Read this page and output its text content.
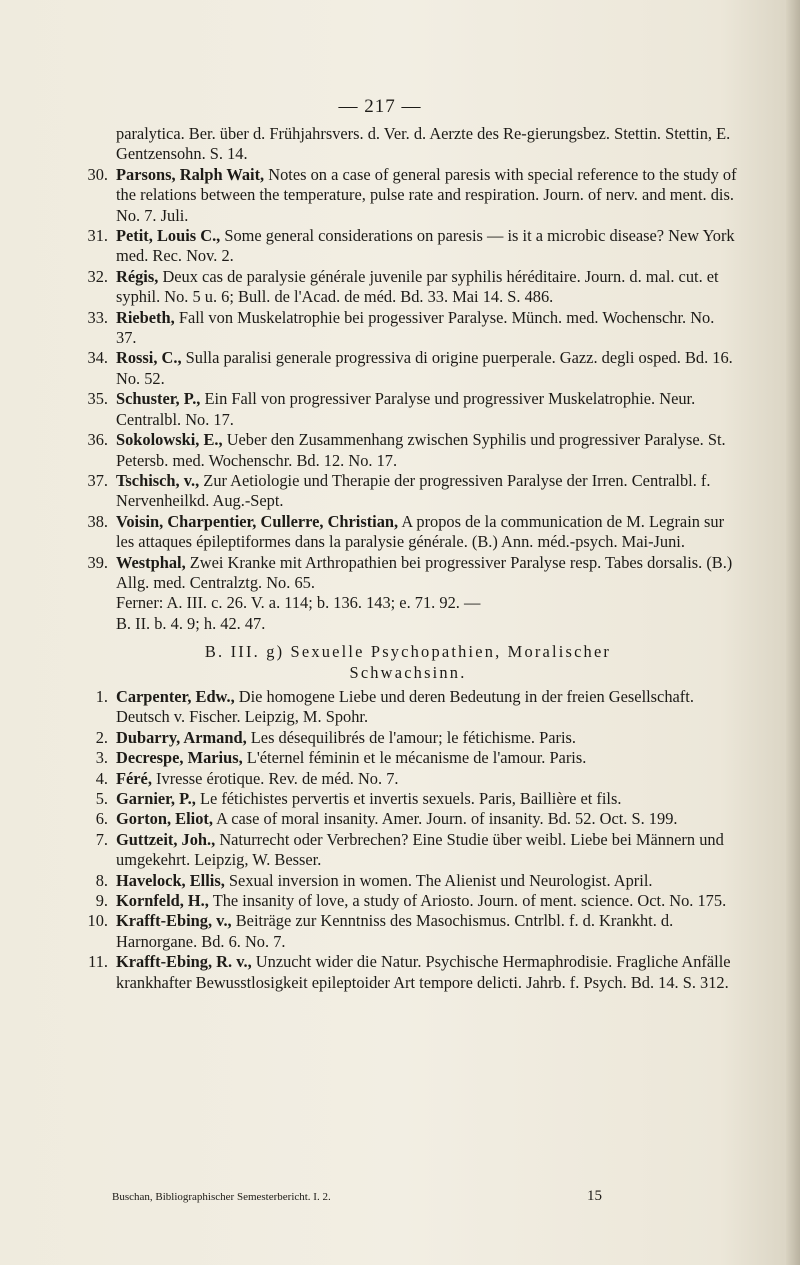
— 217 —
paralytica. Ber. über d. Frühjahrsvers. d. Ver. d. Aerzte des Re-gierungsbez. Stettin. Stettin, E. Gentzensohn. S. 14.
30. Parsons, Ralph Wait, Notes on a case of general paresis with special reference to the study of the relations between the temperature, pulse rate and respiration. Journ. of nerv. and ment. dis. No. 7. Juli.
31. Petit, Louis C., Some general considerations on paresis — is it a microbic disease? New York med. Rec. Nov. 2.
32. Régis, Deux cas de paralysie générale juvenile par syphilis héréditaire. Journ. d. mal. cut. et syphil. No. 5 u. 6; Bull. de l'Acad. de méd. Bd. 33. Mai 14. S. 486.
33. Riebeth, Fall von Muskelatrophie bei progessiver Paralyse. Münch. med. Wochenschr. No. 37.
34. Rossi, C., Sulla paralisi generale progressiva di origine puerperale. Gazz. degli osped. Bd. 16. No. 52.
35. Schuster, P., Ein Fall von progressiver Paralyse und progressiver Muskelatrophie. Neur. Centralbl. No. 17.
36. Sokolowski, E., Ueber den Zusammenhang zwischen Syphilis und progressiver Paralyse. St. Petersb. med. Wochenschr. Bd. 12. No. 17.
37. Tschisch, v., Zur Aetiologie und Therapie der progressiven Paralyse der Irren. Centralbl. f. Nervenheilkd. Aug.-Sept.
38. Voisin, Charpentier, Cullerre, Christian, A propos de la communication de M. Legrain sur les attaques épileptiformes dans la paralysie générale. (B.) Ann. méd.-psych. Mai-Juni.
39. Westphal, Zwei Kranke mit Arthropathien bei progressiver Paralyse resp. Tabes dorsalis. (B.) Allg. med. Centralztg. No. 65.
Ferner: A. III. c. 26. V. a. 114; b. 136. 143; e. 71. 92. —
B. II. b. 4. 9; h. 42. 47.
B. III. g) Sexuelle Psychopathien, Moralischer
Schwachsinn.
1. Carpenter, Edw., Die homogene Liebe und deren Bedeutung in der freien Gesellschaft. Deutsch v. Fischer. Leipzig, M. Spohr.
2. Dubarry, Armand, Les désequilibrés de l'amour; le fétichisme. Paris.
3. Decrespe, Marius, L'éternel féminin et le mécanisme de l'amour. Paris.
4. Féré, Ivresse érotique. Rev. de méd. No. 7.
5. Garnier, P., Le fétichistes pervertis et invertis sexuels. Paris, Baillière et fils.
6. Gorton, Eliot, A case of moral insanity. Amer. Journ. of insanity. Bd. 52. Oct. S. 199.
7. Guttzeit, Joh., Naturrecht oder Verbrechen? Eine Studie über weibl. Liebe bei Männern und umgekehrt. Leipzig, W. Besser.
8. Havelock, Ellis, Sexual inversion in women. The Alienist und Neurologist. April.
9. Kornfeld, H., The insanity of love, a study of Ariosto. Journ. of ment. science. Oct. No. 175.
10. Krafft-Ebing, v., Beiträge zur Kenntniss des Masochismus. Cntrlbl. f. d. Krankht. d. Harnorgane. Bd. 6. No. 7.
11. Krafft-Ebing, R. v., Unzucht wider die Natur. Psychische Hermaphrodisie. Fragliche Anfälle krankhafter Bewusstlosigkeit epileptoider Art tempore delicti. Jahrb. f. Psych. Bd. 14. S. 312.
Buschan, Bibliographischer Semesterbericht. I. 2.	15
